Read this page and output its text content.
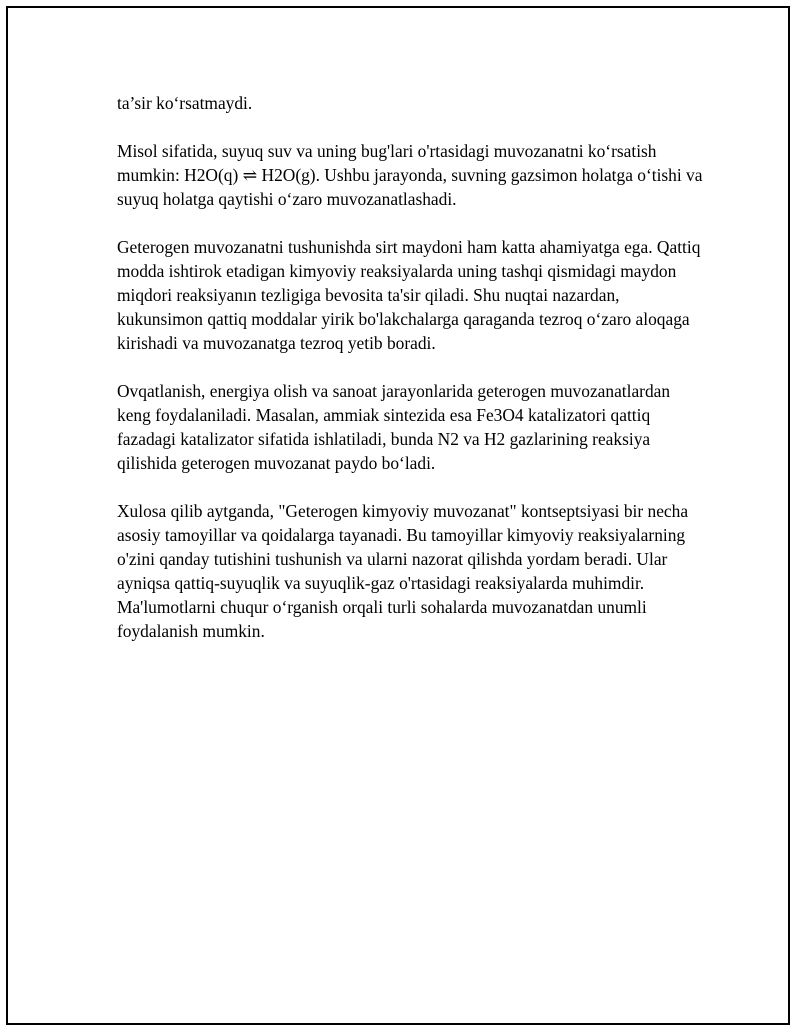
ta’sir ko‘rsatmaydi.

Misol sifatida, suyuq suv va uning bug'lari o'rtasidagi muvozanatni ko‘rsatish mumkin: H2O(q) ⇌ H2O(g). Ushbu jarayonda, suvning gazsimon holatga o‘tishi va suyuq holatga qaytishi o‘zaro muvozanatlashadi.

Geterogen muvozanatni tushunishda sirt maydoni ham katta ahamiyatga ega. Qattiq modda ishtirok etadigan kimyoviy reaksiyalarda uning tashqi qismidagi maydon miqdori reaksiyanın tezligiga bevosita ta'sir qiladi. Shu nuqtai nazardan, kukunsimon qattiq moddalar yirik bo'lakchalarga qaraganda tezroq o‘zaro aloqaga kirishadi va muvozanatga tezroq yetib boradi.

Ovqatlanish, energiya olish va sanoat jarayonlarida geterogen muvozanatlardan keng foydalaniladi. Masalan, ammiak sintezida esa Fe3O4 katalizatori qattiq fazadagi katalizator sifatida ishlatiladi, bunda N2 va H2 gazlarining reaksiya qilishida geterogen muvozanat paydo bo‘ladi.

Xulosa qilib aytganda, "Geterogen kimyoviy muvozanat" kontseptsiyasi bir necha asosiy tamoyillar va qoidalarga tayanadi. Bu tamoyillar kimyoviy reaksiyalarning o'zini qanday tutishini tushunish va ularni nazorat qilishda yordam beradi. Ular ayniqsa qattiq-suyuqlik va suyuqlik-gaz o'rtasidagi reaksiyalarda muhimdir. Ma'lumotlarni chuqur o‘rganish orqali turli sohalarda muvozanatdan unumli foydalanish mumkin.
